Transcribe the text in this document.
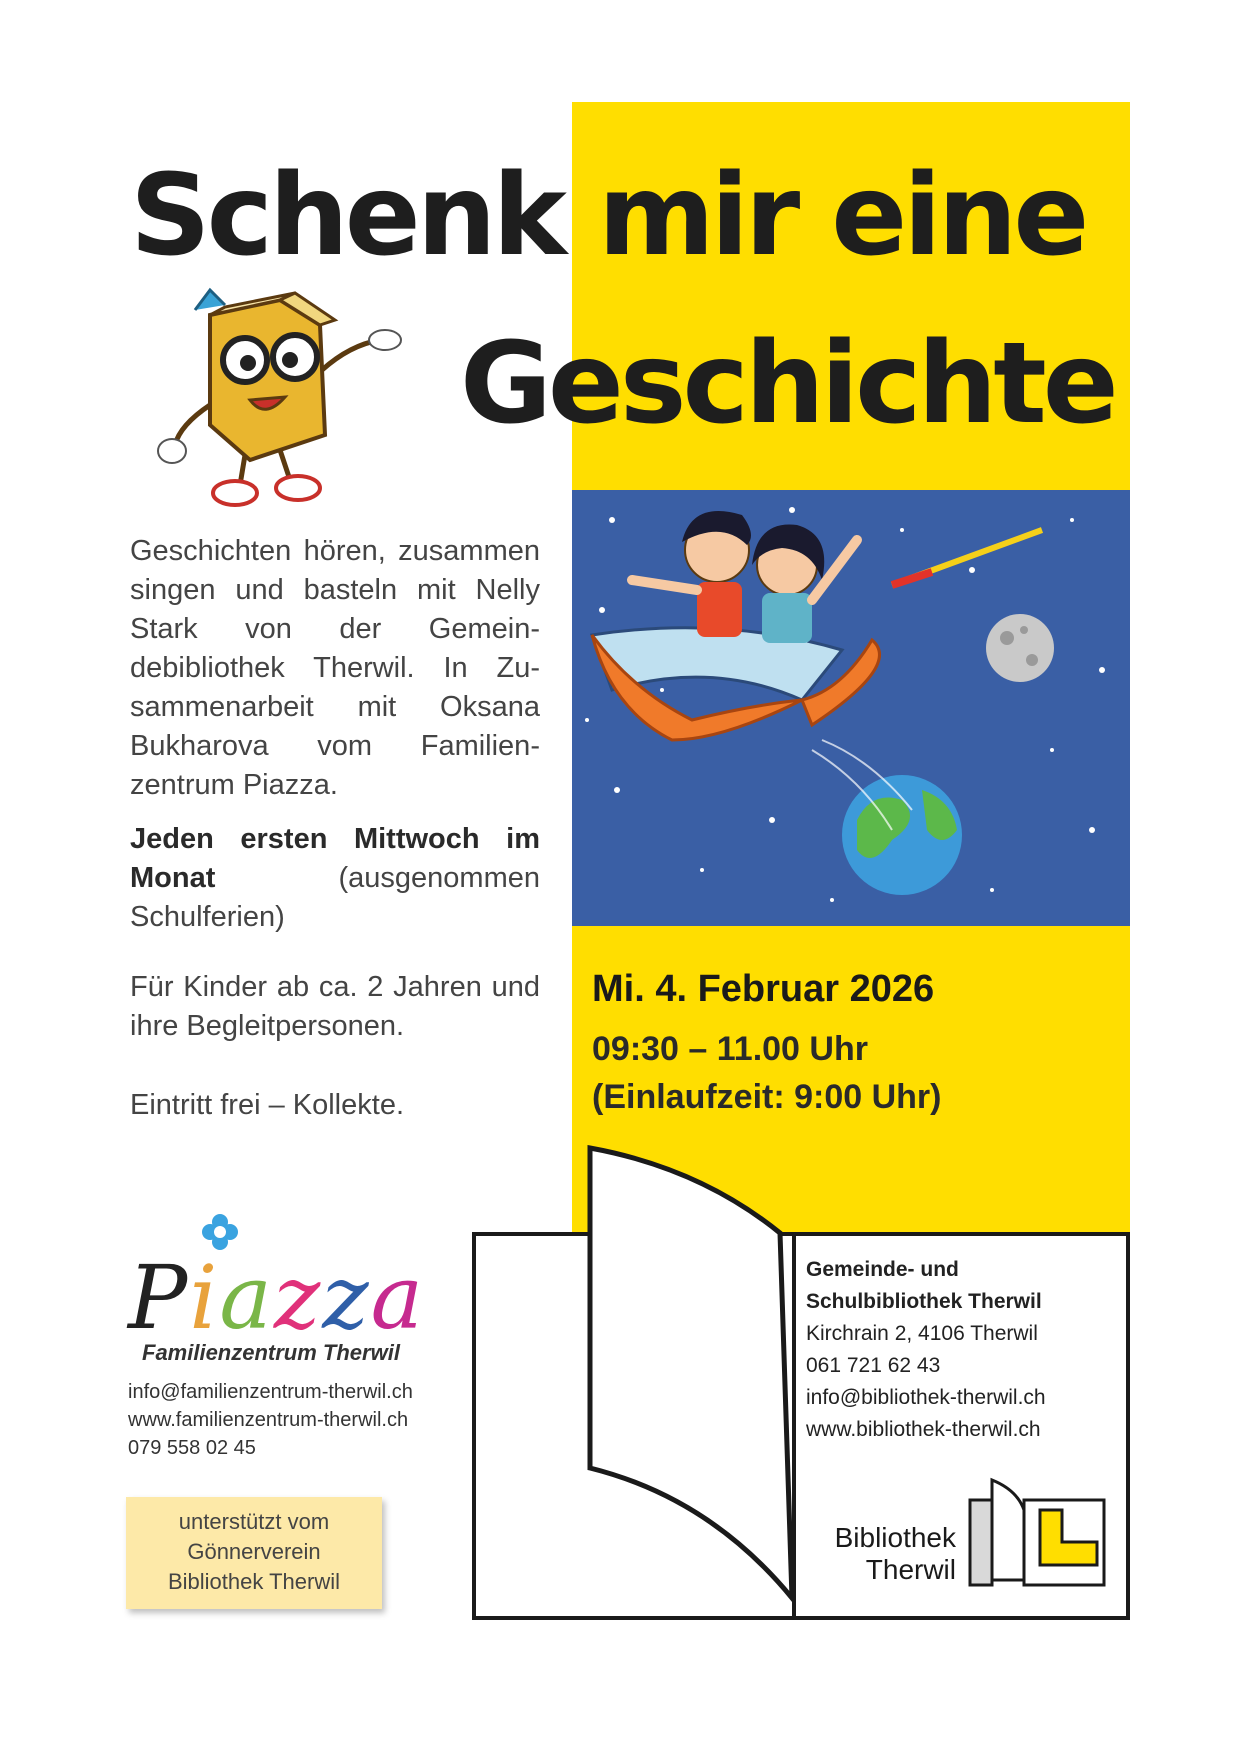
Schenk mir eine
Geschichte
Geschichten hören, zusammen singen und basteln mit Nelly Stark von der Gemeindebibliothek Therwil. In Zusammenarbeit mit Oksana Bukharova vom Familienzentrum Piazza.
Jeden ersten Mittwoch im Monat (ausgenommen Schulferien)
Für Kinder ab ca. 2 Jahren und ihre Begleitpersonen.
Eintritt frei – Kollekte.
Mi. 4. Februar 2026
09:30 – 11.00 Uhr
(Einlaufzeit: 9:00 Uhr)
Gemeinde- und
Schulbibliothek Therwil
Kirchrain 2, 4106 Therwil
061 721 62 43
info@bibliothek-therwil.ch
www.bibliothek-therwil.ch
Bibliothek
Therwil
Piazza
Familienzentrum Therwil
info@familienzentrum-therwil.ch
www.familienzentrum-therwil.ch
079 558 02 45
unterstützt vom
Gönnerverein
Bibliothek Therwil
